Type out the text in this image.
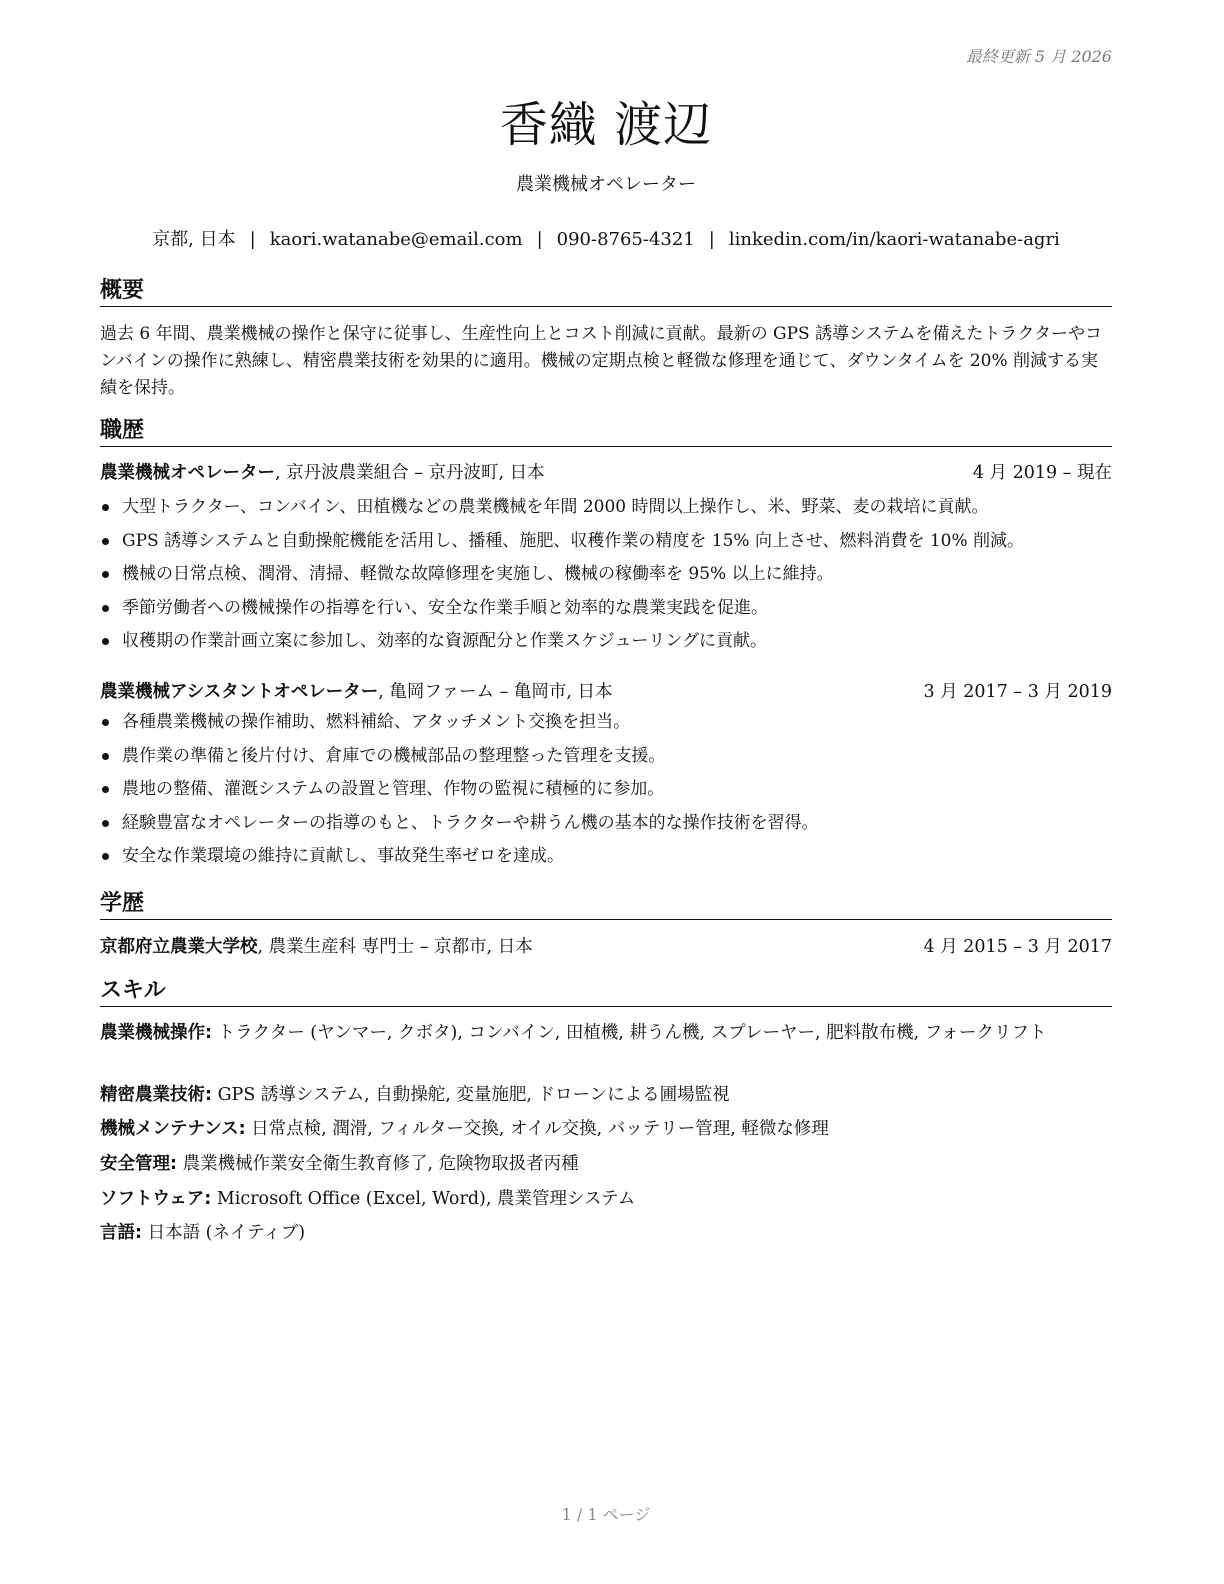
最終更新 5 月 2026
香織 渡辺
農業機械オペレーター
京都, 日本 | kaori.watanabe@email.com | 090-8765-4321 | linkedin.com/in/kaori-watanabe-agri
概要
過去 6 年間、農業機械の操作と保守に従事し、生産性向上とコスト削減に貢献。最新の GPS 誘導システムを備えたトラクターやコンバインの操作に熟練し、精密農業技術を効果的に適用。機械の定期点検と軽微な修理を通じて、ダウンタイムを 20% 削減する実績を保持。
職歴
農業機械オペレーター, 京丹波農業組合 – 京丹波町, 日本	4 月 2019 – 現在
大型トラクター、コンバイン、田植機などの農業機械を年間 2000 時間以上操作し、米、野菜、麦の栽培に貢献。
GPS 誘導システムと自動操舵機能を活用し、播種、施肥、収穫作業の精度を 15% 向上させ、燃料消費を 10% 削減。
機械の日常点検、潤滑、清掃、軽微な故障修理を実施し、機械の稼働率を 95% 以上に維持。
季節労働者への機械操作の指導を行い、安全な作業手順と効率的な農業実践を促進。
収穫期の作業計画立案に参加し、効率的な資源配分と作業スケジューリングに貢献。
農業機械アシスタントオペレーター, 亀岡ファーム – 亀岡市, 日本	3 月 2017 – 3 月 2019
各種農業機械の操作補助、燃料補給、アタッチメント交換を担当。
農作業の準備と後片付け、倉庫での機械部品の整理整った管理を支援。
農地の整備、灌漑システムの設置と管理、作物の監視に積極的に参加。
経験豊富なオペレーターの指導のもと、トラクターや耕うん機の基本的な操作技術を習得。
安全な作業環境の維持に貢献し、事故発生率ゼロを達成。
学歴
京都府立農業大学校, 農業生産科 専門士 – 京都市, 日本	4 月 2015 – 3 月 2017
スキル
農業機械操作: トラクター (ヤンマー, クボタ), コンバイン, 田植機, 耕うん機, スプレーヤー, 肥料散布機, フォークリフト
精密農業技術: GPS 誘導システム, 自動操舵, 変量施肥, ドローンによる圃場監視
機械メンテナンス: 日常点検, 潤滑, フィルター交換, オイル交換, バッテリー管理, 軽微な修理
安全管理: 農業機械作業安全衛生教育修了, 危険物取扱者丙種
ソフトウェア: Microsoft Office (Excel, Word), 農業管理システム
言語: 日本語 (ネイティブ)
1 / 1 ページ
